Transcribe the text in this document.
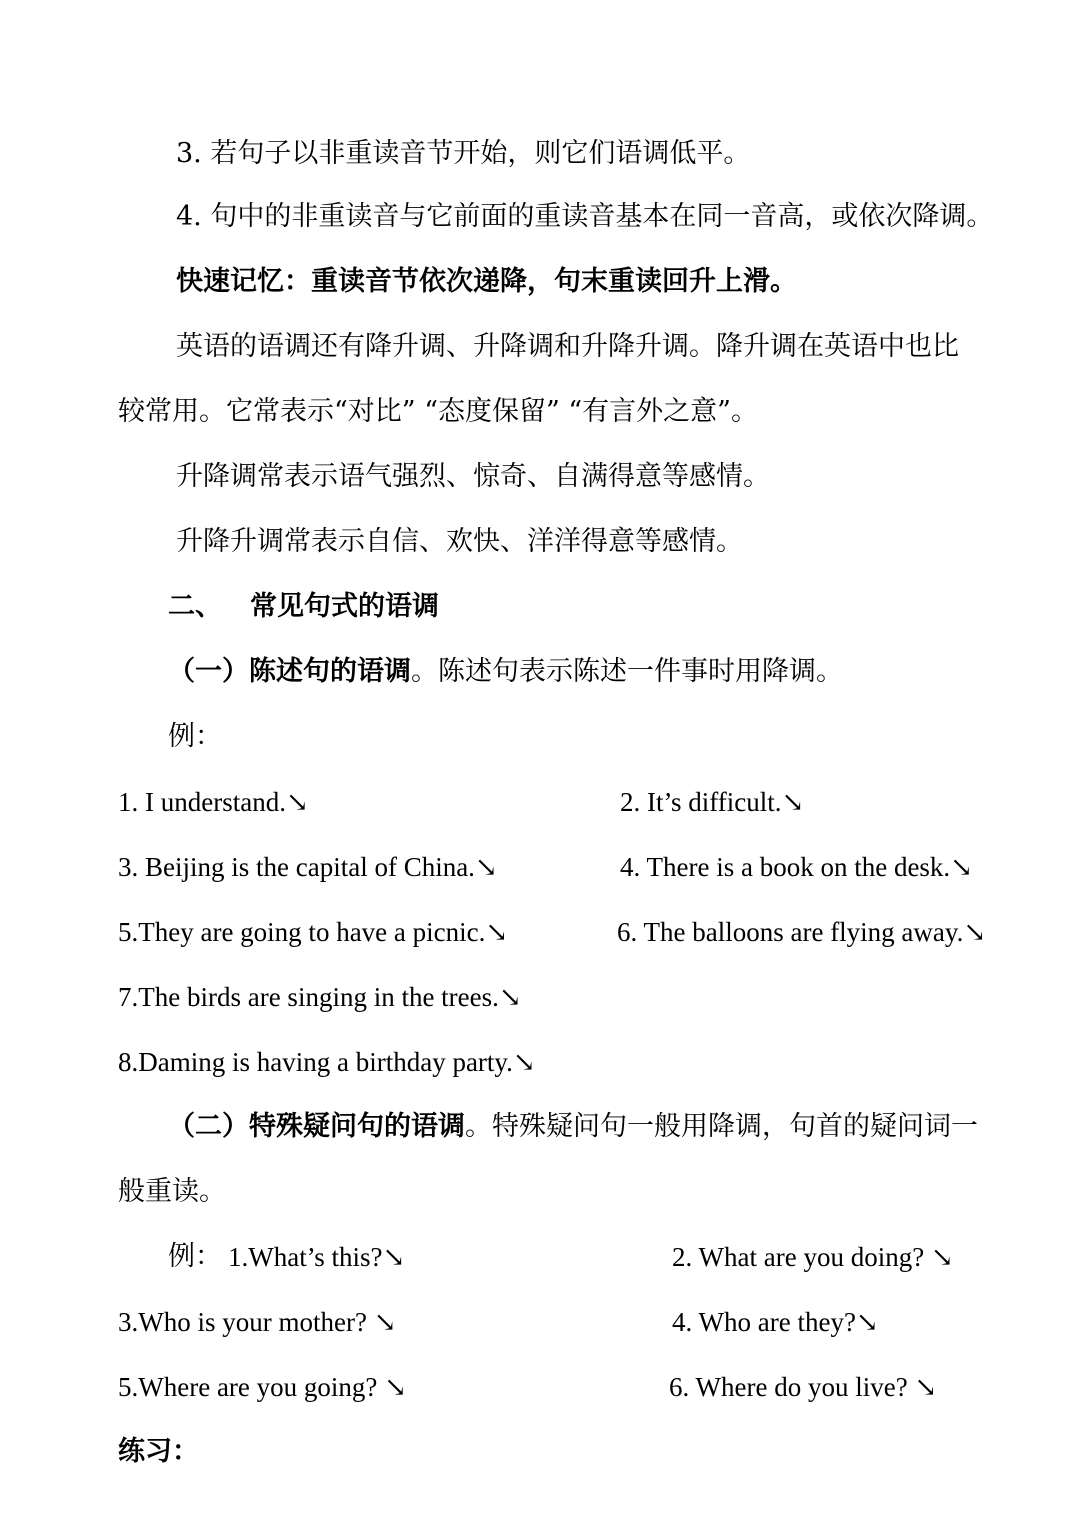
3. 若句子以非重读音节开始，则它们语调低平。
4. 句中的非重读音与它前面的重读音基本在同一音高，或依次降调。
快速记忆：重读音节依次递降，句末重读回升上滑。
英语的语调还有降升调、升降调和升降升调。降升调在英语中也比
较常用。它常表示“对比” “态度保留” “有言外之意”。
升降调常表示语气强烈、惊奇、自满得意等感情。
升降升调常表示自信、欢快、洋洋得意等感情。
二、 常见句式的语调
（一）陈述句的语调。陈述句表示陈述一件事时用降调。
例：
1. I understand.↘	2. It’s difficult.↘
3. Beijing is the capital of China.↘	4. There is a book on the desk.↘
5.They are going to have a picnic.↘	6. The balloons are flying away.↘
7.The birds are singing in the trees.↘
8.Daming is having a birthday party.↘
（二）特殊疑问句的语调。特殊疑问句一般用降调，句首的疑问词一
般重读。
例： 1.What’s this?↘	2. What are you doing? ↘
3.Who is your mother? ↘	4. Who are they?↘
5.Where are you going? ↘	6. Where do you live? ↘
练习：
